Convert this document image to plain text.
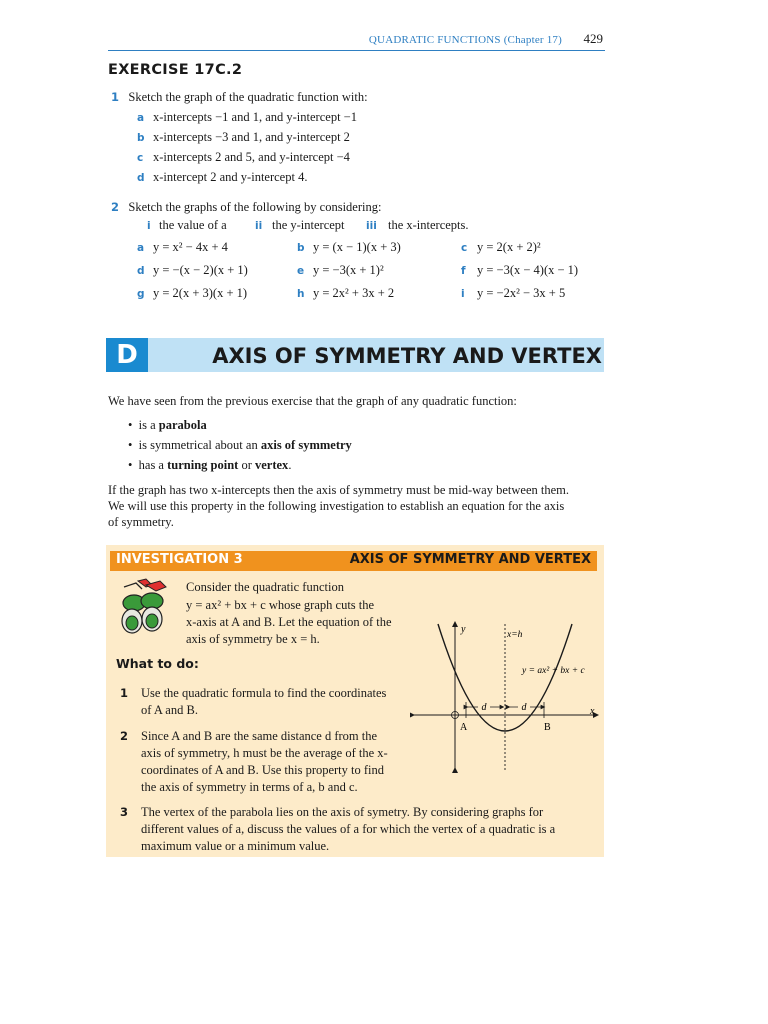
QUADRATIC FUNCTIONS (Chapter 17) 429
EXERCISE 17C.2
1 Sketch the graph of the quadratic function with:
a x-intercepts −1 and 1, and y-intercept −1
b x-intercepts −3 and 1, and y-intercept 2
c x-intercepts 2 and 5, and y-intercept −4
d x-intercept 2 and y-intercept 4.
2 Sketch the graphs of the following by considering:
i the value of a	ii the y-intercept iii the x-intercepts.
a y = x² − 4x + 4	b y = (x − 1)(x + 3)	c y = 2(x + 2)²
d y = −(x − 2)(x + 1)	e y = −3(x + 1)²	f y = −3(x − 4)(x − 1)
g y = 2(x + 3)(x + 1)	h y = 2x² + 3x + 2	i y = −2x² − 3x + 5
D	AXIS OF SYMMETRY AND VERTEX
We have seen from the previous exercise that the graph of any quadratic function:
• is a parabola
• is symmetrical about an axis of symmetry
• has a turning point or vertex.
If the graph has two x-intercepts then the axis of symmetry must be mid-way between them.
We will use this property in the following investigation to establish an equation for the axis
of symmetry.
INVESTIGATION 3	AXIS OF SYMMETRY AND VERTEX
Consider the quadratic function
y = ax² + bx + c whose graph cuts the
x-axis at A and B. Let the equation of the
axis of symmetry be x = h.
What to do:
1 Use the quadratic formula to find the coordinates
of A and B.
2 Since A and B are the same distance d from the
axis of symmetry, h must be the average of the x-
coordinates of A and B. Use this property to find
the axis of symmetry in terms of a, b and c.
3 The vertex of the parabola lies on the axis of symetry. By considering graphs for
different values of a, discuss the values of a for which the vertex of a quadratic is a
maximum value or a minimum value.
d	d
y
x
x=h
y = ax² + bx + c
A	B
